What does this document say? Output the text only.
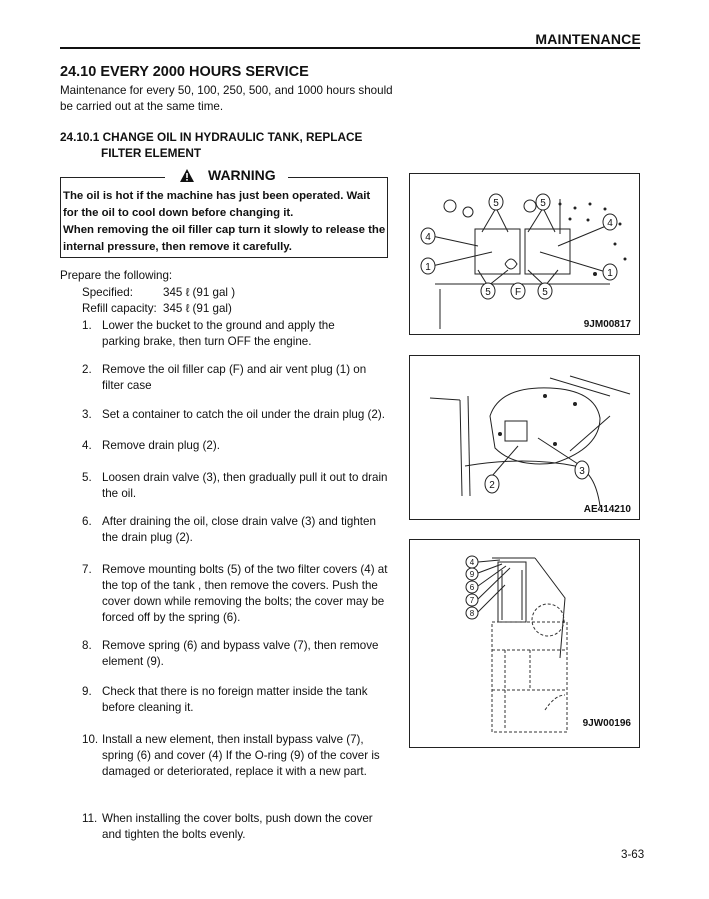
MAINTENANCE
24.10 EVERY 2000 HOURS SERVICE
Maintenance for every 50, 100, 250, 500, and 1000 hours should be carried out at the same time.
24.10.1 CHANGE OIL IN HYDRAULIC TANK, REPLACE
FILTER ELEMENT
WARNING
The oil is hot if the machine has just been operated. Wait
for the oil to cool down before changing it.
When removing the oil filler cap turn it slowly to release the
internal pressure, then remove it carefully.
Prepare the following:
Specified:	345 ℓ (91 gal )
Refill capacity: 345 ℓ (91 gal)
1. Lower the bucket to the ground and apply the parking brake, then turn OFF the engine.
2. Remove the oil filler cap (F) and air vent plug (1) on filter case
3. Set a container to catch the oil under the drain plug (2).
4. Remove drain plug (2).
5. Loosen drain valve (3), then gradually pull it out to drain the oil.
6. After draining the oil, close drain valve (3) and tighten the drain plug (2).
7. Remove mounting bolts (5) of the two filter covers (4) at the top of the tank , then remove the covers. Push the cover down while removing the bolts; the cover may be forced off by the spring (6).
8. Remove spring (6) and bypass valve (7), then remove element (9).
9. Check that there is no foreign matter inside the tank before cleaning it.
10. Install a new element, then install bypass valve (7), spring (6) and cover (4) If the O-ring (9) of the cover is damaged or deteriorated, replace it with a new part.
11. When installing the cover bolts, push down the cover and tighten the bolts evenly.
5	5
4
4
1
1
5 F 5
9JM00817
2
3
AE414210
4
9
6
7
8
9JW00196
3-63
